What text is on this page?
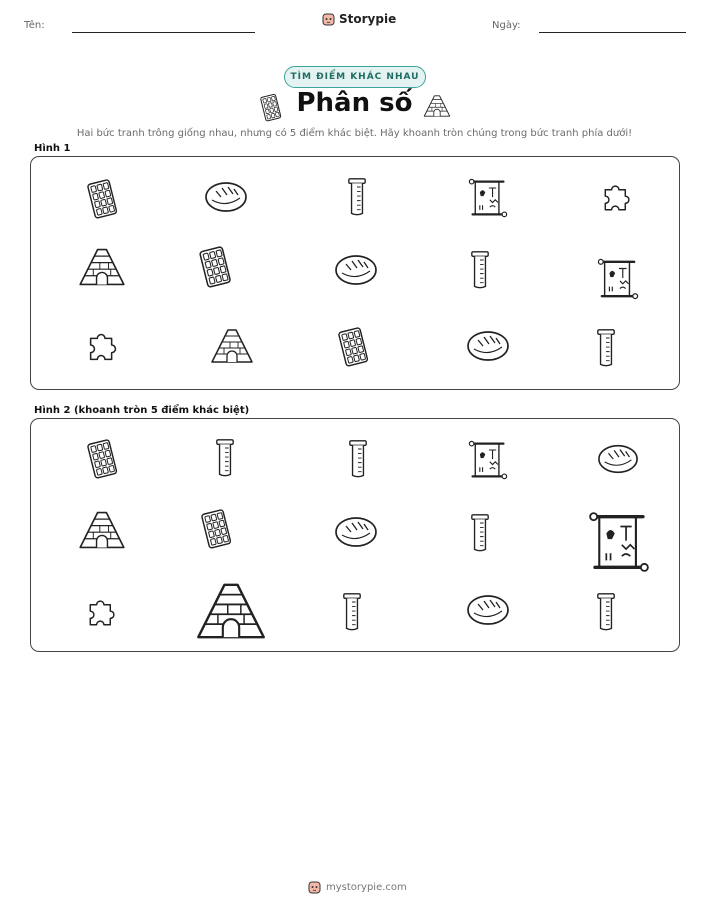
Tên:	Storypie	Ngày:
TÌM ĐIỂM KHÁC NHAU
Phân số
Hai bức tranh trông giống nhau, nhưng có 5 điểm khác biệt. Hãy khoanh tròn chúng trong bức tranh phía dưới!
Hình 1
Hình 2 (khoanh tròn 5 điểm khác biệt)
mystorypie.com
